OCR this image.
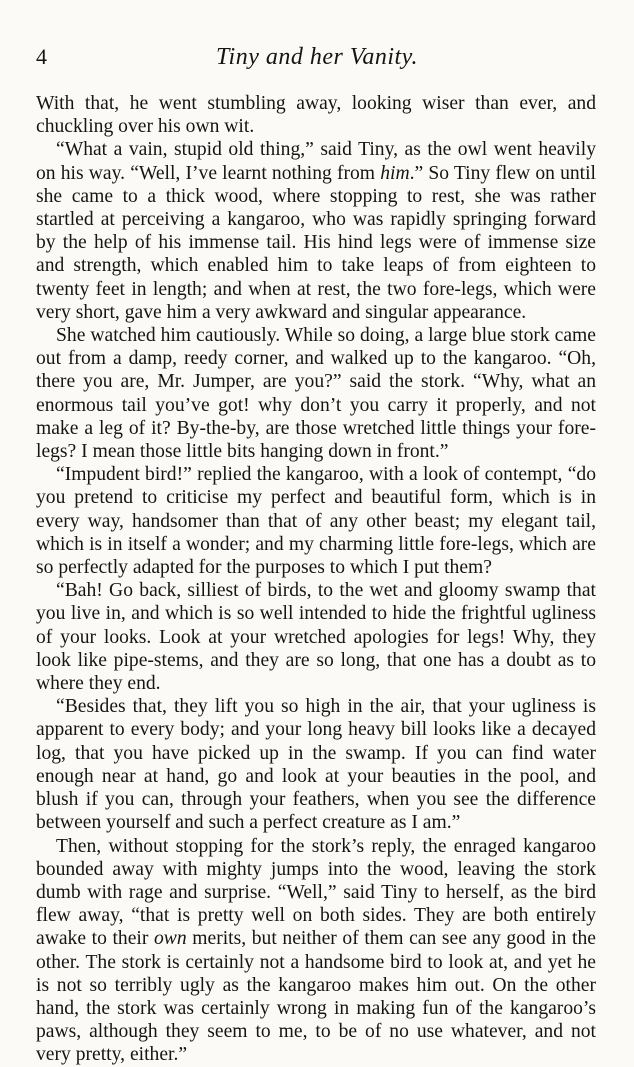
4	Tiny and her Vanity.

With that, he went stumbling away, looking wiser than ever, and chuckling over his own wit.

“What a vain, stupid old thing,” said Tiny, as the owl went heavily on his way. “Well, I’ve learnt nothing from him.” So Tiny flew on until she came to a thick wood, where stopping to rest, she was rather startled at perceiving a kangaroo, who was rapidly springing forward by the help of his immense tail. His hind legs were of immense size and strength, which enabled him to take leaps of from eighteen to twenty feet in length; and when at rest, the two fore-legs, which were very short, gave him a very awkward and singular appearance.

She watched him cautiously. While so doing, a large blue stork came out from a damp, reedy corner, and walked up to the kangaroo. “Oh, there you are, Mr. Jumper, are you?” said the stork. “Why, what an enormous tail you’ve got! why don’t you carry it properly, and not make a leg of it? By-the-by, are those wretched little things your fore-legs? I mean those little bits hanging down in front.”

“Impudent bird!” replied the kangaroo, with a look of contempt, “do you pretend to criticise my perfect and beautiful form, which is in every way, handsomer than that of any other beast; my elegant tail, which is in itself a wonder; and my charming little fore-legs, which are so perfectly adapted for the purposes to which I put them?

“Bah! Go back, silliest of birds, to the wet and gloomy swamp that you live in, and which is so well intended to hide the frightful ugliness of your looks. Look at your wretched apologies for legs! Why, they look like pipe-stems, and they are so long, that one has a doubt as to where they end.

“Besides that, they lift you so high in the air, that your ugliness is apparent to every body; and your long heavy bill looks like a decayed log, that you have picked up in the swamp. If you can find water enough near at hand, go and look at your beauties in the pool, and blush if you can, through your feathers, when you see the difference between yourself and such a perfect creature as I am.”

Then, without stopping for the stork’s reply, the enraged kangaroo bounded away with mighty jumps into the wood, leaving the stork dumb with rage and surprise. “Well,” said Tiny to herself, as the bird flew away, “that is pretty well on both sides. They are both entirely awake to their own merits, but neither of them can see any good in the other. The stork is certainly not a handsome bird to look at, and yet he is not so terribly ugly as the kangaroo makes him out. On the other hand, the stork was certainly wrong in making fun of the kangaroo’s paws, although they seem to me, to be of no use whatever, and not very pretty, either.”
